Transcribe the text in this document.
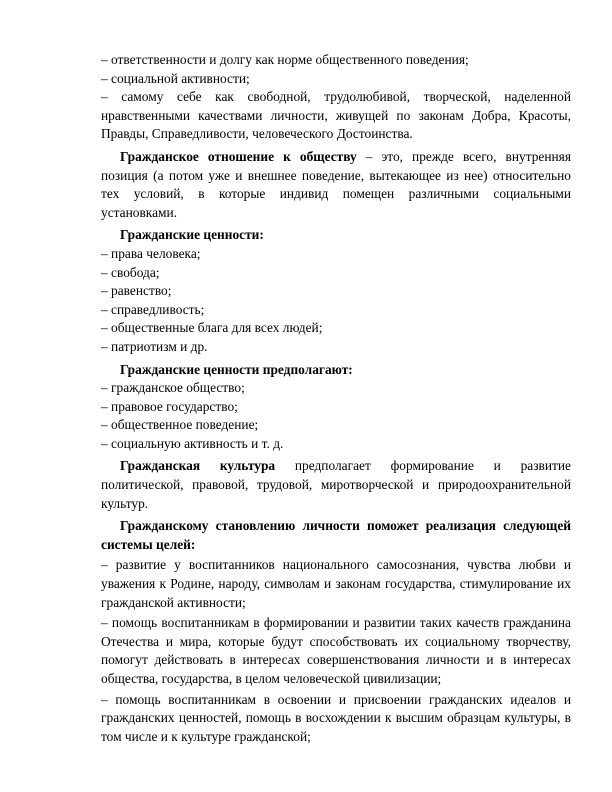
– ответственности и долгу как норме общественного поведения;

– социальной активности;

– самому себе как свободной, трудолюбивой, творческой, наделенной нравственными качествами личности, живущей по законам Добра, Красоты, Правды, Справедливости, человеческого Достоинства.

Гражданское отношение к обществу – это, прежде всего, внутренняя позиция (а потом уже и внешнее поведение, вытекающее из нее) относительно тех условий, в которые индивид помещен различными социальными установками.

Гражданские ценности:

– права человека;

– свобода;

– равенство;

– справедливость;

– общественные блага для всех людей;

– патриотизм и др.

Гражданские ценности предполагают:

– гражданское общество;

– правовое государство;

– общественное поведение;

– социальную активность и т. д.

Гражданская культура предполагает формирование и развитие политической, правовой, трудовой, миротворческой и природоохранительной культур.

Гражданскому становлению личности поможет реализация следующей системы целей:

– развитие у воспитанников национального самосознания, чувства любви и уважения к Родине, народу, символам и законам государства, стимулирование их гражданской активности;

– помощь воспитанникам в формировании и развитии таких качеств гражданина Отечества и мира, которые будут способствовать их социальному творчеству, помогут действовать в интересах совершенствования личности и в интересах общества, государства, в целом человеческой цивилизации;

– помощь воспитанникам в освоении и присвоении гражданских идеалов и гражданских ценностей, помощь в восхождении к высшим образцам культуры, в том числе и к культуре гражданской;
